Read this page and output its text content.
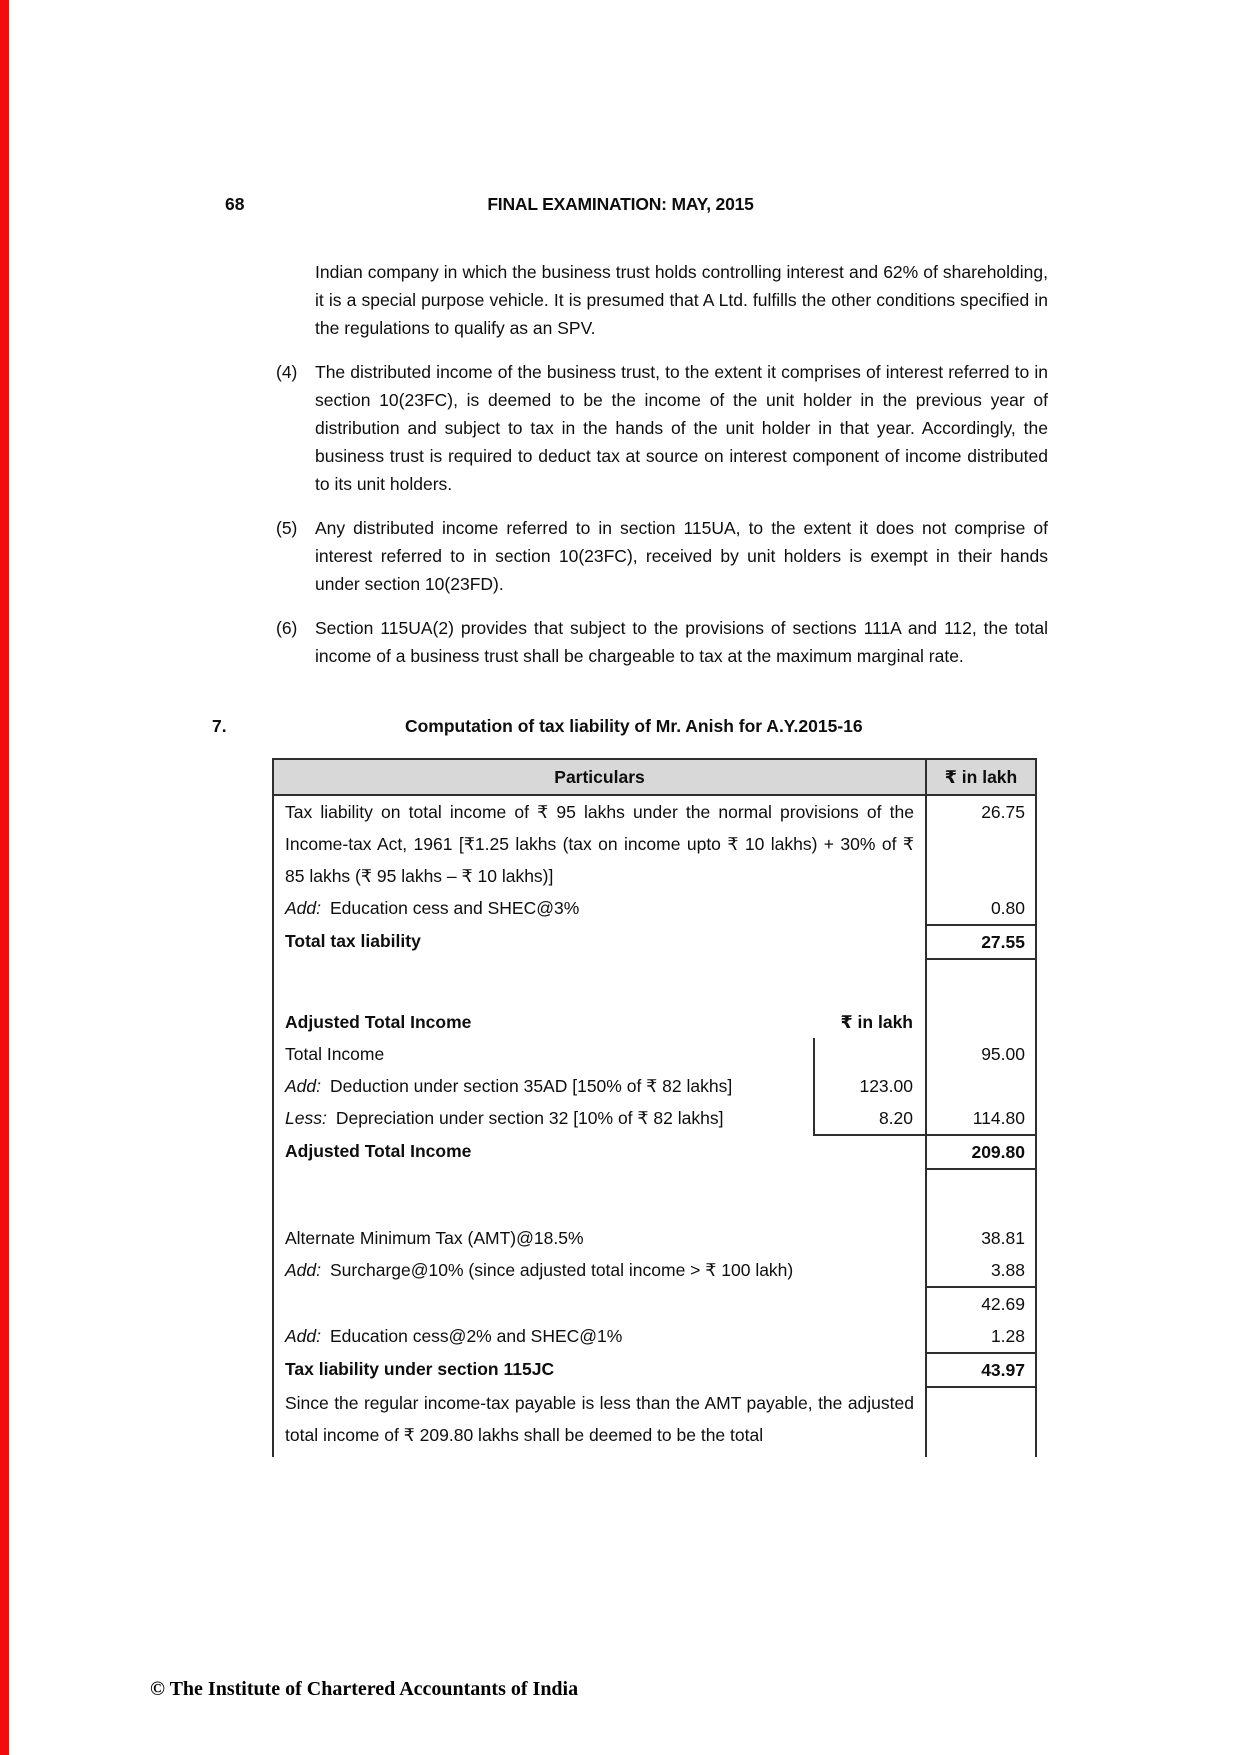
68	FINAL EXAMINATION: MAY, 2015
Indian company in which the business trust holds controlling interest and 62% of shareholding, it is a special purpose vehicle. It is presumed that A Ltd. fulfills the other conditions specified in the regulations to qualify as an SPV.
(4)	The distributed income of the business trust, to the extent it comprises of interest referred to in section 10(23FC), is deemed to be the income of the unit holder in the previous year of distribution and subject to tax in the hands of the unit holder in that year. Accordingly, the business trust is required to deduct tax at source on interest component of income distributed to its unit holders.
(5)	Any distributed income referred to in section 115UA, to the extent it does not comprise of interest referred to in section 10(23FC), received by unit holders is exempt in their hands under section 10(23FD).
(6)	Section 115UA(2) provides that subject to the provisions of sections 111A and 112, the total income of a business trust shall be chargeable to tax at the maximum marginal rate.
7.	Computation of tax liability of Mr. Anish for A.Y.2015-16
Particulars		₹ in lakh
Tax liability on total income of ₹ 95 lakhs under the normal provisions of the Income-tax Act, 1961 [₹1.25 lakhs (tax on income upto ₹ 10 lakhs) + 30% of ₹ 85 lakhs (₹ 95 lakhs – ₹ 10 lakhs)]		26.75
Add: Education cess and SHEC@3%		0.80
Total tax liability		27.55

Adjusted Total Income	₹ in lakh	
Total Income		95.00
Add: Deduction under section 35AD [150% of ₹ 82 lakhs]	123.00	
Less: Depreciation under section 32 [10% of ₹ 82 lakhs]	8.20	114.80
Adjusted Total Income		209.80

Alternate Minimum Tax (AMT)@18.5%		38.81
Add: Surcharge@10% (since adjusted total income > ₹ 100 lakh)		3.88
		42.69
Add: Education cess@2% and SHEC@1%		1.28
Tax liability under section 115JC		43.97
Since the regular income-tax payable is less than the AMT payable, the adjusted total income of ₹ 209.80 lakhs shall be deemed to be the total		
© The Institute of Chartered Accountants of India
